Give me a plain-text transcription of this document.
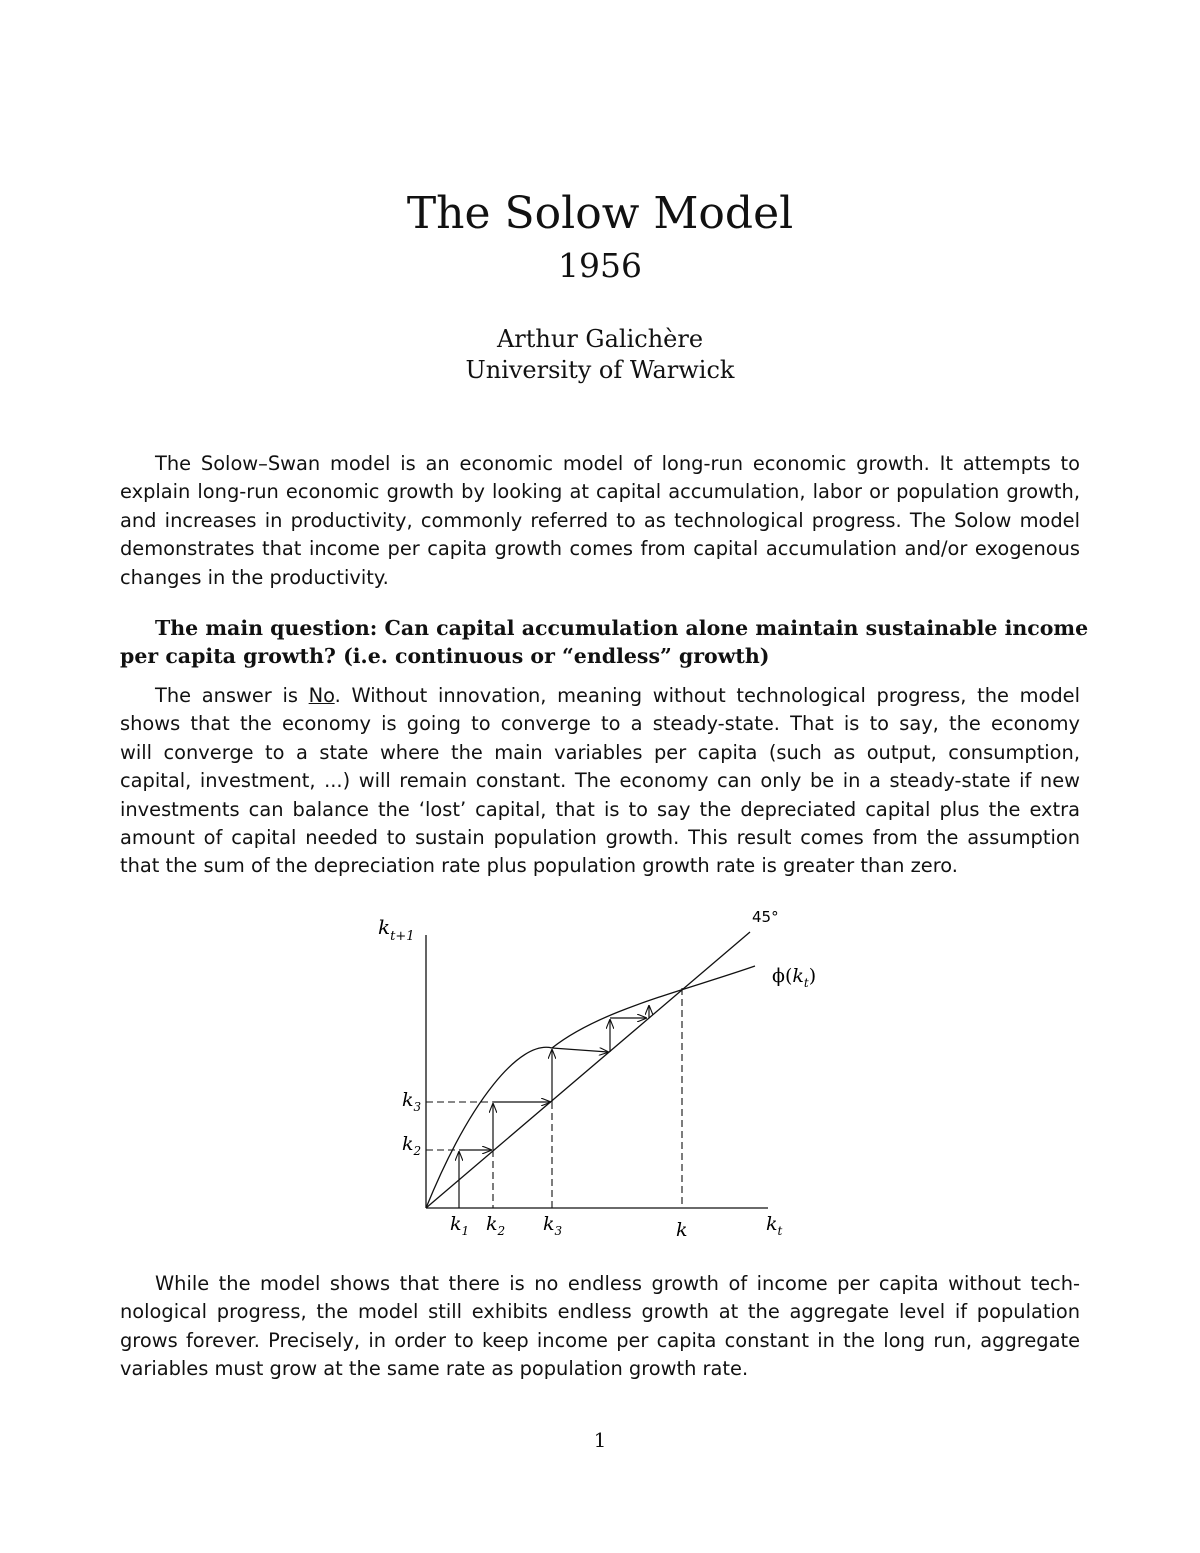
The Solow Model
1956
Arthur Galichère
University of Warwick
The Solow–Swan model is an economic model of long-run economic growth. It attempts to
explain long-run economic growth by looking at capital accumulation, labor or population growth,
and increases in productivity, commonly referred to as technological progress. The Solow model
demonstrates that income per capita growth comes from capital accumulation and/or exogenous
changes in the productivity.
The main question: Can capital accumulation alone maintain sustainable income
per capita growth? (i.e. continuous or “endless” growth)
The answer is No. Without innovation, meaning without technological progress, the model
shows that the economy is going to converge to a steady-state. That is to say, the economy
will converge to a state where the main variables per capita (such as output, consumption,
capital, investment, ...) will remain constant. The economy can only be in a steady-state if new
investments can balance the ‘lost’ capital, that is to say the depreciated capital plus the extra
amount of capital needed to sustain population growth. This result comes from the assumption
that the sum of the depreciation rate plus population growth rate is greater than zero.
$k_{t+1}$
45°
$\phi(k_t)$
$k_3$
$k_2$
$k_1$ $k_2$ $k_3$	k	$k_t$
While the model shows that there is no endless growth of income per capita without tech-
nological progress, the model still exhibits endless growth at the aggregate level if population
grows forever. Precisely, in order to keep income per capita constant in the long run, aggregate
variables must grow at the same rate as population growth rate.
1
